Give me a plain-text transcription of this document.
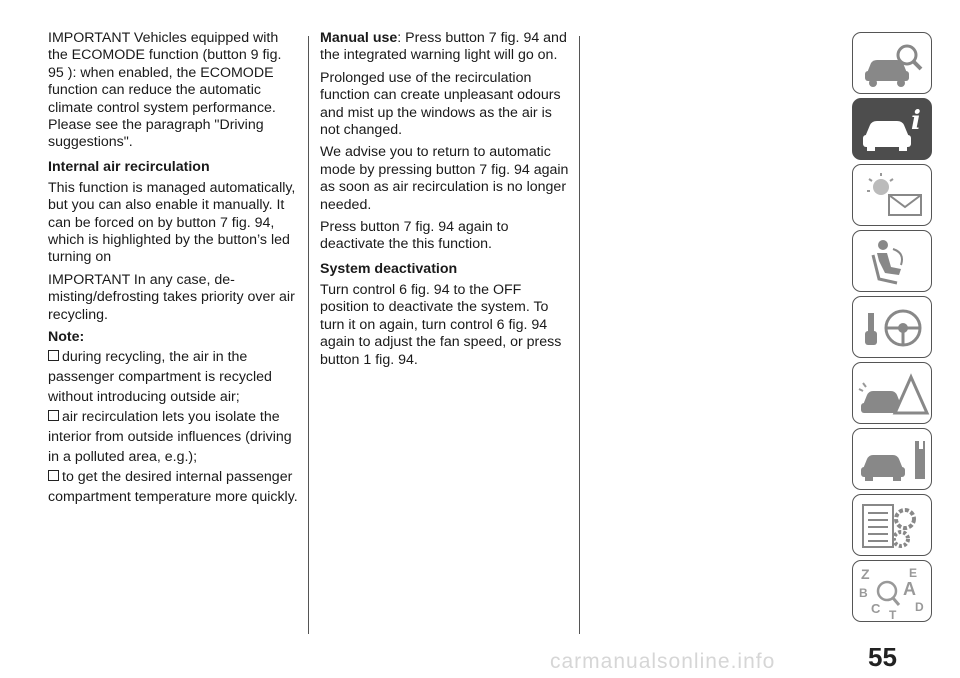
IMPORTANT Vehicles equipped with the ECOMODE function (button 9 fig. 95 ): when enabled, the ECOMODE function can reduce the automatic climate control system performance. Please see the paragraph "Driving suggestions".

Internal air recirculation

This function is managed automatically, but you can also enable it manually. It can be forced on by button 7 fig. 94, which is highlighted by the button’s led turning on

IMPORTANT In any case, de-misting/defrosting takes priority over air recycling.

Note:
during recycling, the air in the passenger compartment is recycled without introducing outside air;
air recirculation lets you isolate the interior from outside influences (driving in a polluted area, e.g.);
to get the desired internal passenger compartment temperature more quickly.

Manual use: Press button 7 fig. 94 and the integrated warning light will go on.

Prolonged use of the recirculation function can create unpleasant odours and mist up the windows as the air is not changed.

We advise you to return to automatic mode by pressing button 7 fig. 94 again as soon as air recirculation is no longer needed.

Press button 7 fig. 94 again to deactivate the this function.

System deactivation

Turn control 6 fig. 94 to the OFF position to deactivate the system. To turn it on again, turn control 6 fig. 94 again to adjust the fan speed, or press button 1 fig. 94.

i
Z	E
B A
C	D
T
carmanualsonline.info	55
